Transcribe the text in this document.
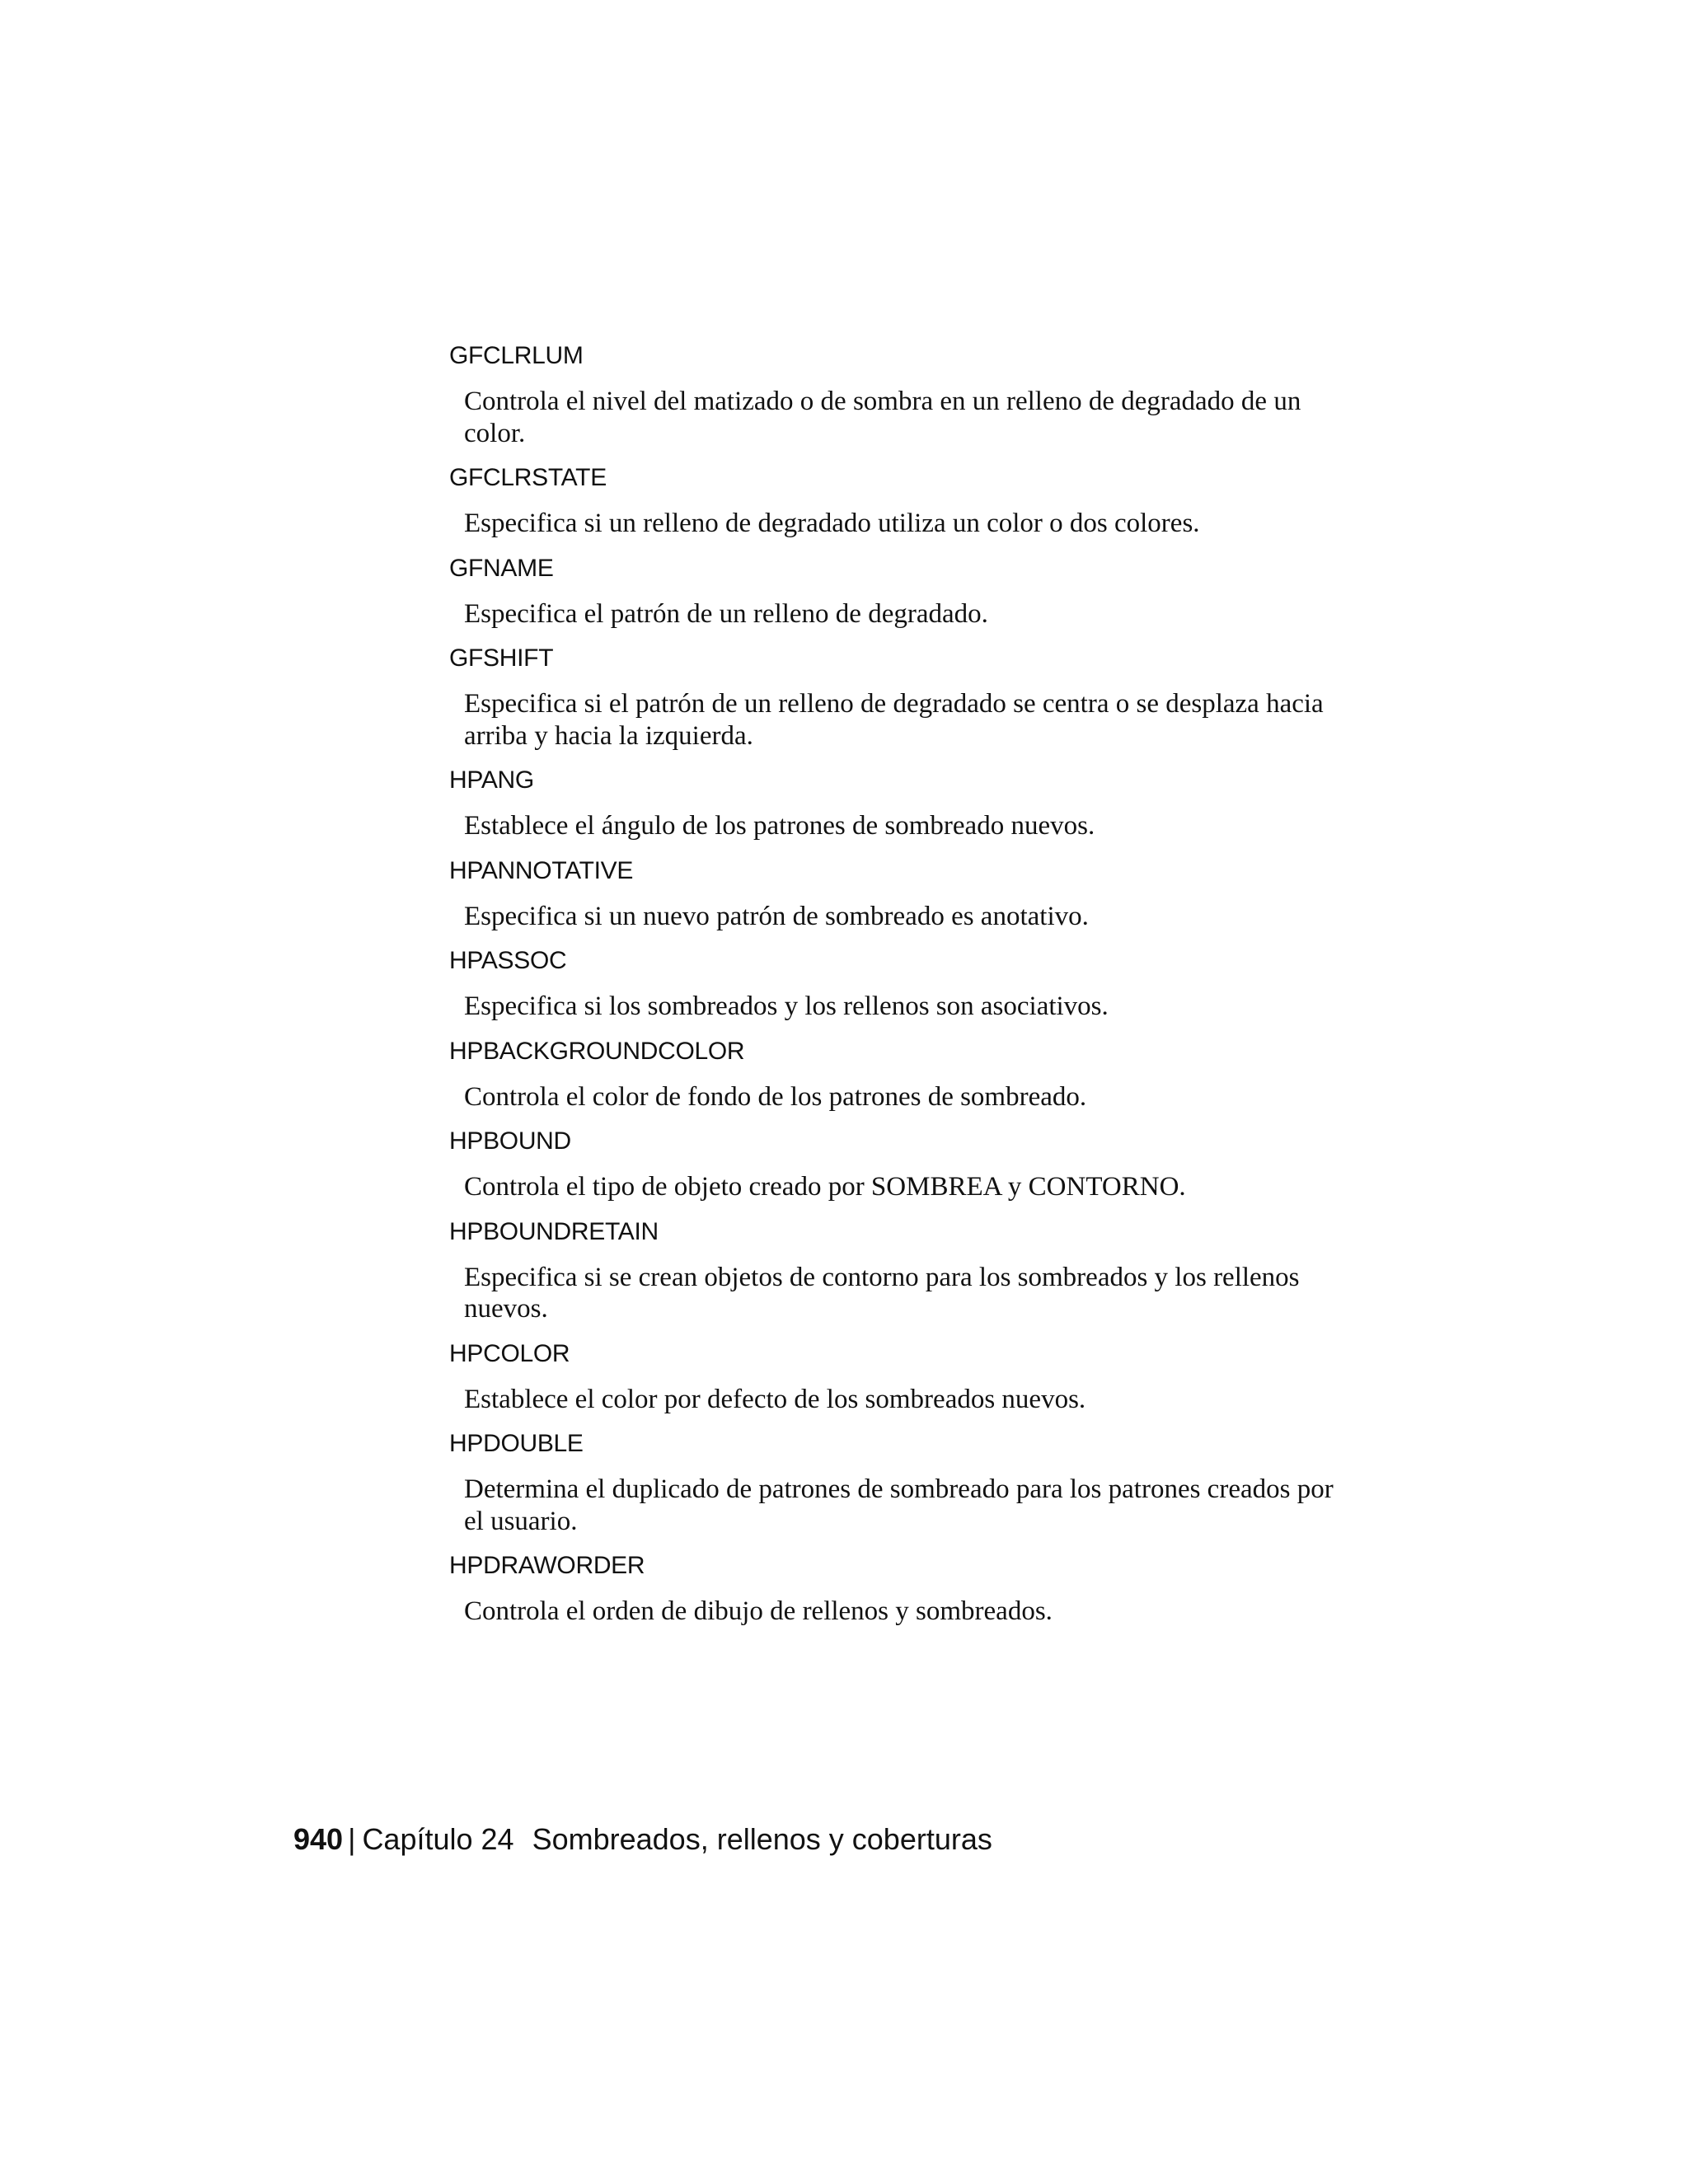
GFCLRLUM

Controla el nivel del matizado o de sombra en un relleno de degradado de un color.

GFCLRSTATE

Especifica si un relleno de degradado utiliza un color o dos colores.

GFNAME

Especifica el patrón de un relleno de degradado.

GFSHIFT

Especifica si el patrón de un relleno de degradado se centra o se desplaza hacia arriba y hacia la izquierda.

HPANG

Establece el ángulo de los patrones de sombreado nuevos.

HPANNOTATIVE

Especifica si un nuevo patrón de sombreado es anotativo.

HPASSOC

Especifica si los sombreados y los rellenos son asociativos.

HPBACKGROUNDCOLOR

Controla el color de fondo de los patrones de sombreado.

HPBOUND

Controla el tipo de objeto creado por SOMBREA y CONTORNO.

HPBOUNDRETAIN

Especifica si se crean objetos de contorno para los sombreados y los rellenos nuevos.

HPCOLOR

Establece el color por defecto de los sombreados nuevos.

HPDOUBLE

Determina el duplicado de patrones de sombreado para los patrones creados por el usuario.

HPDRAWORDER

Controla el orden de dibujo de rellenos y sombreados.

940 | Capítulo 24 Sombreados, rellenos y coberturas
